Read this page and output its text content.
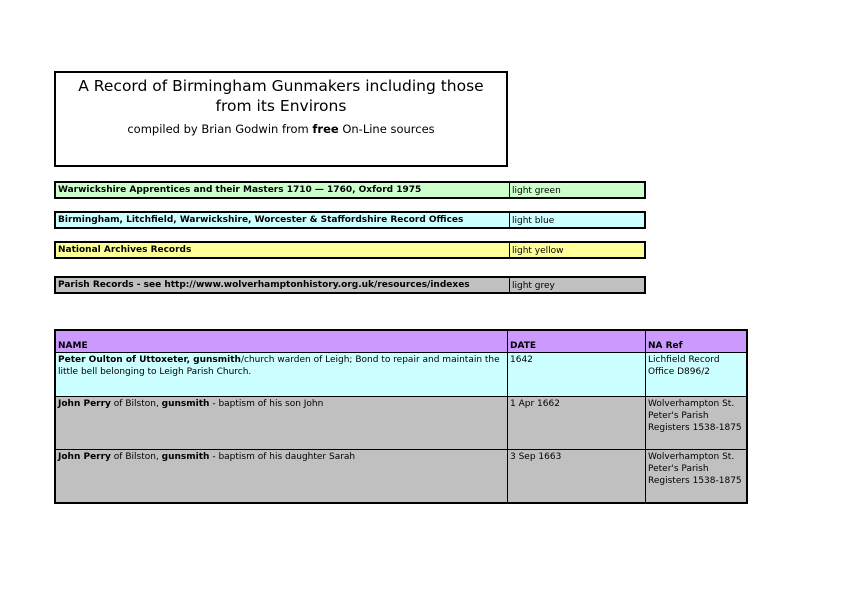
A Record of Birmingham Gunmakers including those from its Environs
compiled by Brian Godwin from free On-Line sources
Warwickshire Apprentices and their Masters 1710 — 1760, Oxford 1975	light green
Birmingham, Litchfield, Warwickshire, Worcester & Staffordshire Record Offices	light blue
National Archives Records	light yellow
Parish Records - see http://www.wolverhamptonhistory.org.uk/resources/indexes	light grey
NAME	DATE	NA Ref
Peter Oulton of Uttoxeter, gunsmith/church warden of Leigh; Bond to repair and maintain the little bell belonging to Leigh Parish Church.	1642	Lichfield Record Office D896/2
John Perry of Bilston, gunsmith - baptism of his son John	1 Apr 1662	Wolverhampton St. Peter's Parish Registers 1538-1875
John Perry of Bilston, gunsmith - baptism of his daughter Sarah	3 Sep 1663	Wolverhampton St. Peter's Parish Registers 1538-1875
